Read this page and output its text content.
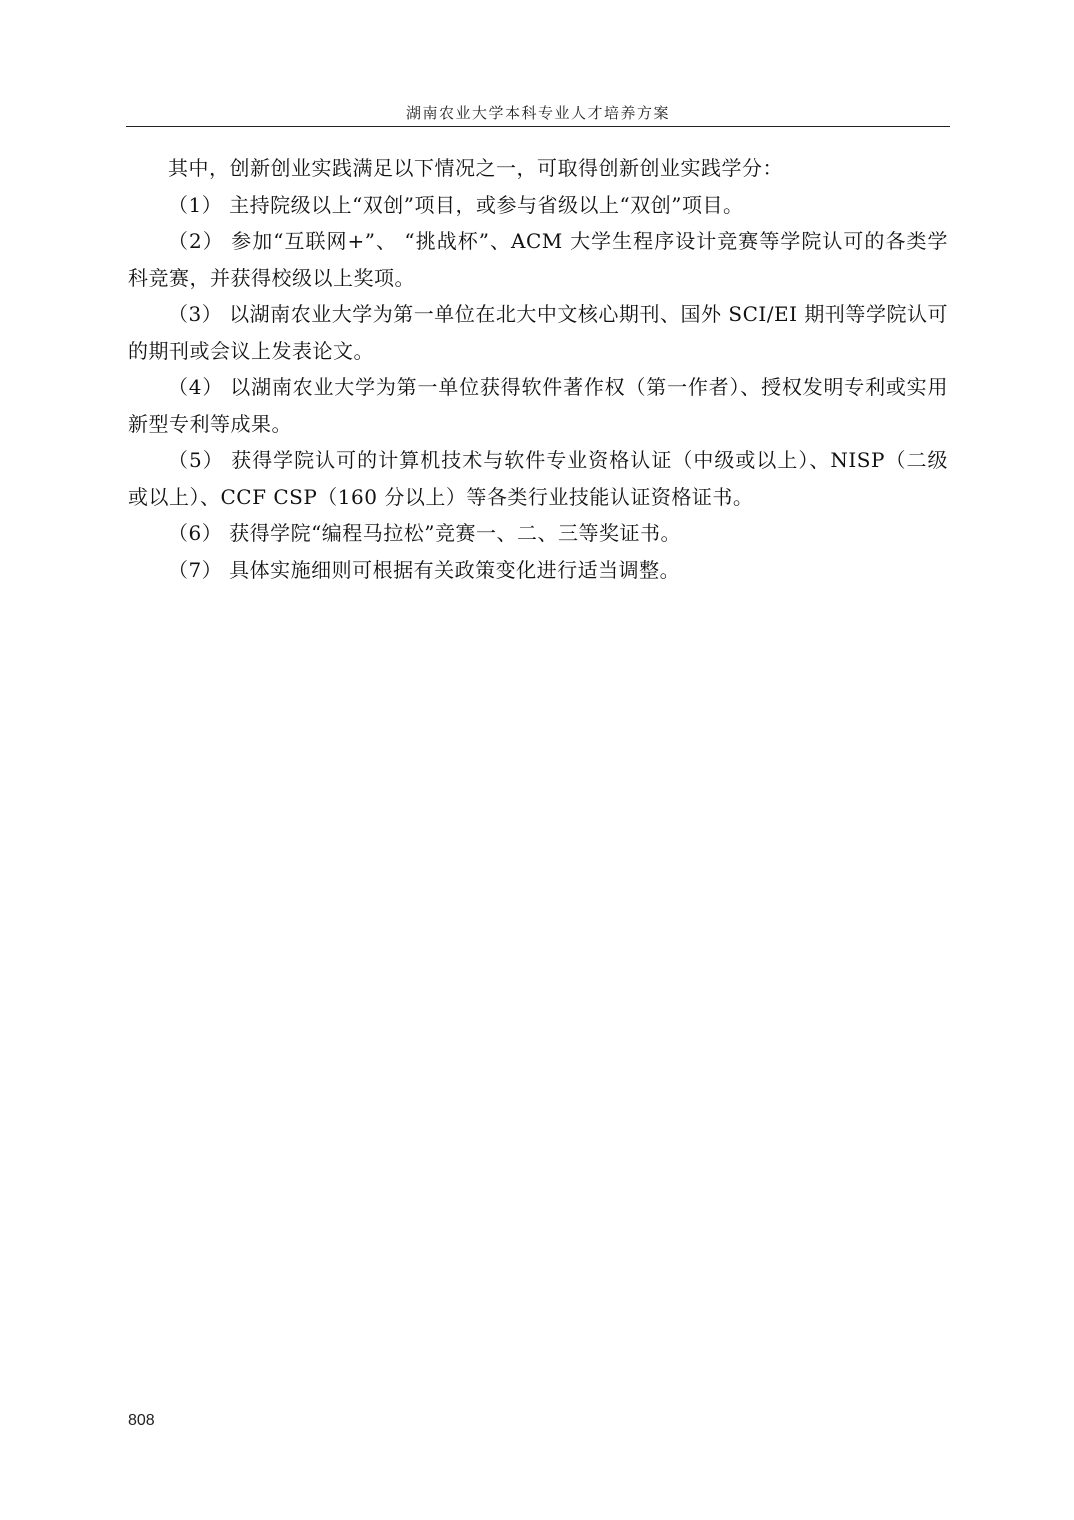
湖南农业大学本科专业人才培养方案

其中，创新创业实践满足以下情况之一，可取得创新创业实践学分：

（1） 主持院级以上“双创”项目，或参与省级以上“双创”项目。

（2） 参加“互联网+”、 “挑战杯”、ACM 大学生程序设计竞赛等学院认可的各类学科竞赛，并获得校级以上奖项。

（3） 以湖南农业大学为第一单位在北大中文核心期刊、国外 SCI/EI 期刊等学院认可的期刊或会议上发表论文。

（4） 以湖南农业大学为第一单位获得软件著作权（第一作者）、授权发明专利或实用新型专利等成果。

（5） 获得学院认可的计算机技术与软件专业资格认证（中级或以上）、NISP（二级或以上）、CCF CSP（160 分以上）等各类行业技能认证资格证书。

（6） 获得学院“编程马拉松”竞赛一、二、三等奖证书。

（7） 具体实施细则可根据有关政策变化进行适当调整。

808
